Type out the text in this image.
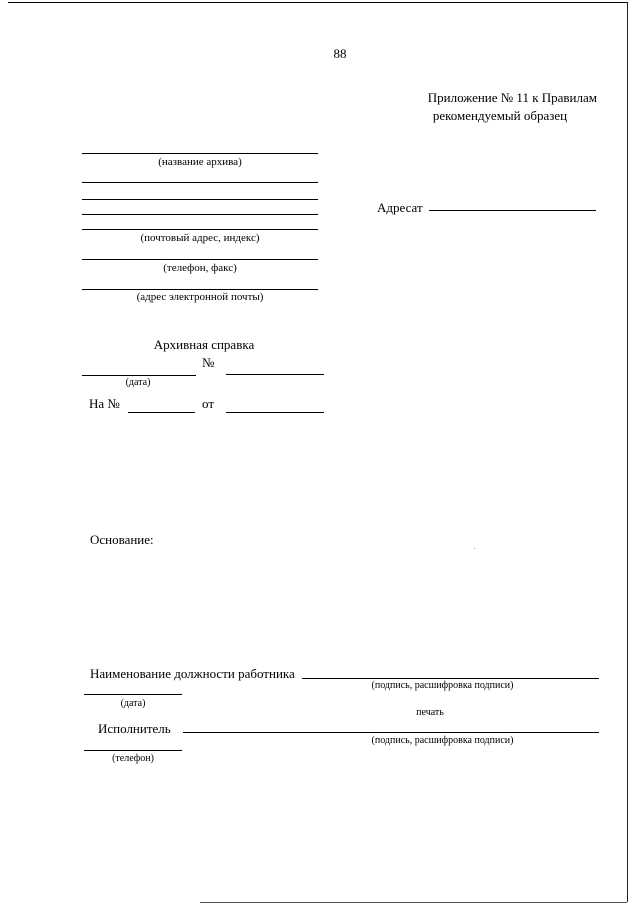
88
Приложение № 11 к Правилам
рекомендуемый образец
(название архива)
(почтовый адрес, индекс)
(телефон, факс)
(адрес электронной почты)
Адресат
Архивная справка
№
(дата)
На №	от
Основание:
Наименование должности работника
(подпись, расшифровка подписи)
(дата)
печать
Исполнитель
(подпись, расшифровка подписи)
(телефон)
